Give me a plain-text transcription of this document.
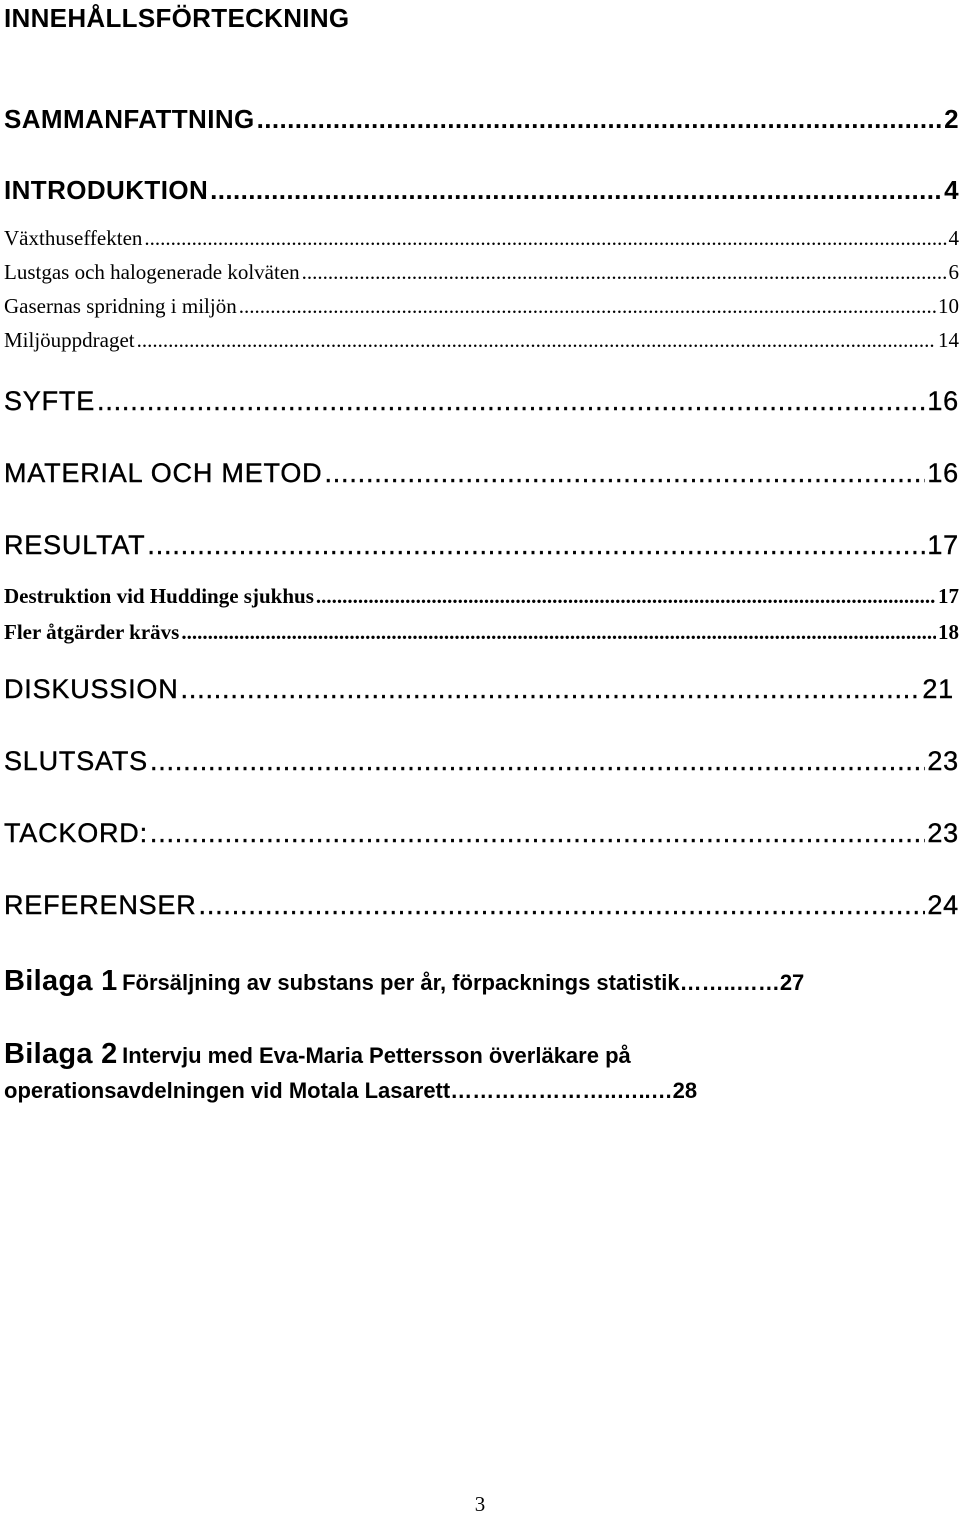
INNEHÅLLSFÖRTECKNING
SAMMANFATTNING .....	2
INTRODUKTION .....	4
Växthuseffekten .....	4
Lustgas och halogenerade kolväten .....	6
Gasernas spridning i miljön .....	10
Miljöuppdraget .....	14
SYFTE .....	16
MATERIAL OCH METOD .....	16
RESULTAT .....	17
Destruktion vid Huddinge sjukhus .....	17
Fler åtgärder krävs .....	18
DISKUSSION .....	21
SLUTSATS .....	23
TACKORD: .....	23
REFERENSER .....	24
Bilaga 1 Försäljning av substans per år, förpacknings statistik……..……27
Bilaga 2 Intervju med Eva-Maria Pettersson överläkare på
operationsavdelningen vid Motala Lasarett…………………..…..…28
3
